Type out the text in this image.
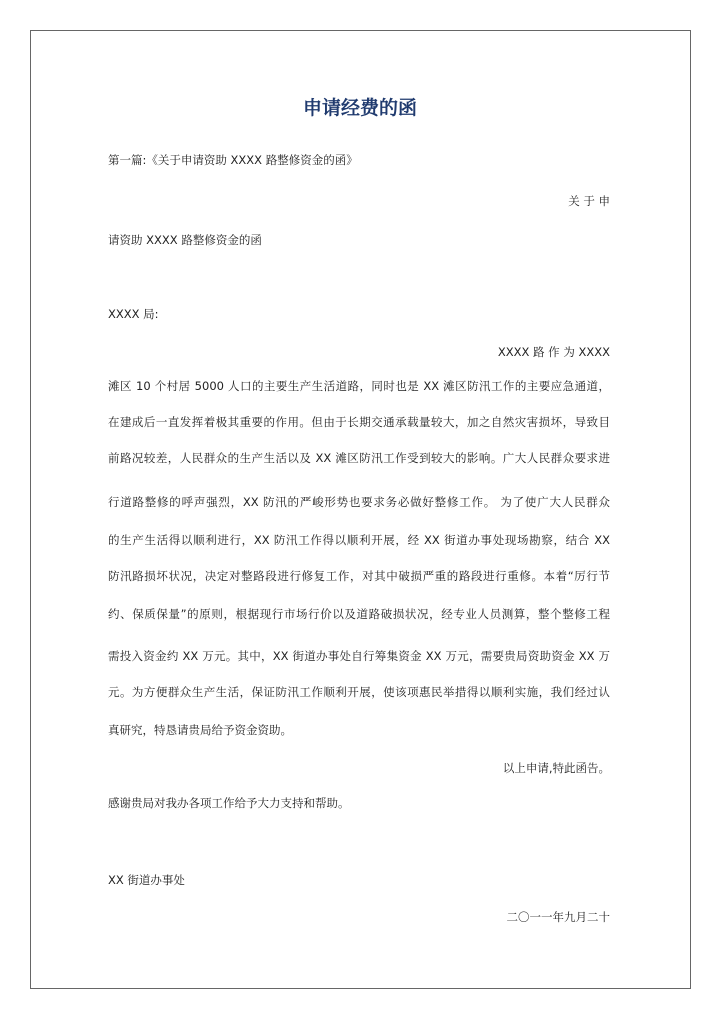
申请经费的函
第一篇:《关于申请资助 XXXX 路整修资金的函》
关 于 申
请资助 XXXX 路整修资金的函
XXXX 局:
XXXX 路 作 为 XXXX
滩区 10 个村居 5000 人口的主要生产生活道路，同时也是 XX 滩区防汛工作的主要应急通道，
在建成后一直发挥着极其重要的作用。但由于长期交通承载量较大，加之自然灾害损坏，导致目
前路况较差，人民群众的生产生活以及 XX 滩区防汛工作受到较大的影响。广大人民群众要求进
行道路整修的呼声强烈，XX 防汛的严峻形势也要求务必做好整修工作。 为了使广大人民群众
的生产生活得以顺利进行，XX 防汛工作得以顺利开展，经 XX 街道办事处现场勘察，结合 XX
防汛路损坏状况，决定对整路段进行修复工作，对其中破损严重的路段进行重修。本着“厉行节
约、保质保量”的原则，根据现行市场行价以及道路破损状况，经专业人员测算，整个整修工程
需投入资金约 XX 万元。其中，XX 街道办事处自行筹集资金 XX 万元，需要贵局资助资金 XX 万
元。为方便群众生产生活，保证防汛工作顺利开展，使该项惠民举措得以顺利实施，我们经过认
真研究，特恳请贵局给予资金资助。
以上申请,特此函告。
感谢贵局对我办各项工作给予大力支持和帮助。
XX 街道办事处
二〇一一年九月二十
